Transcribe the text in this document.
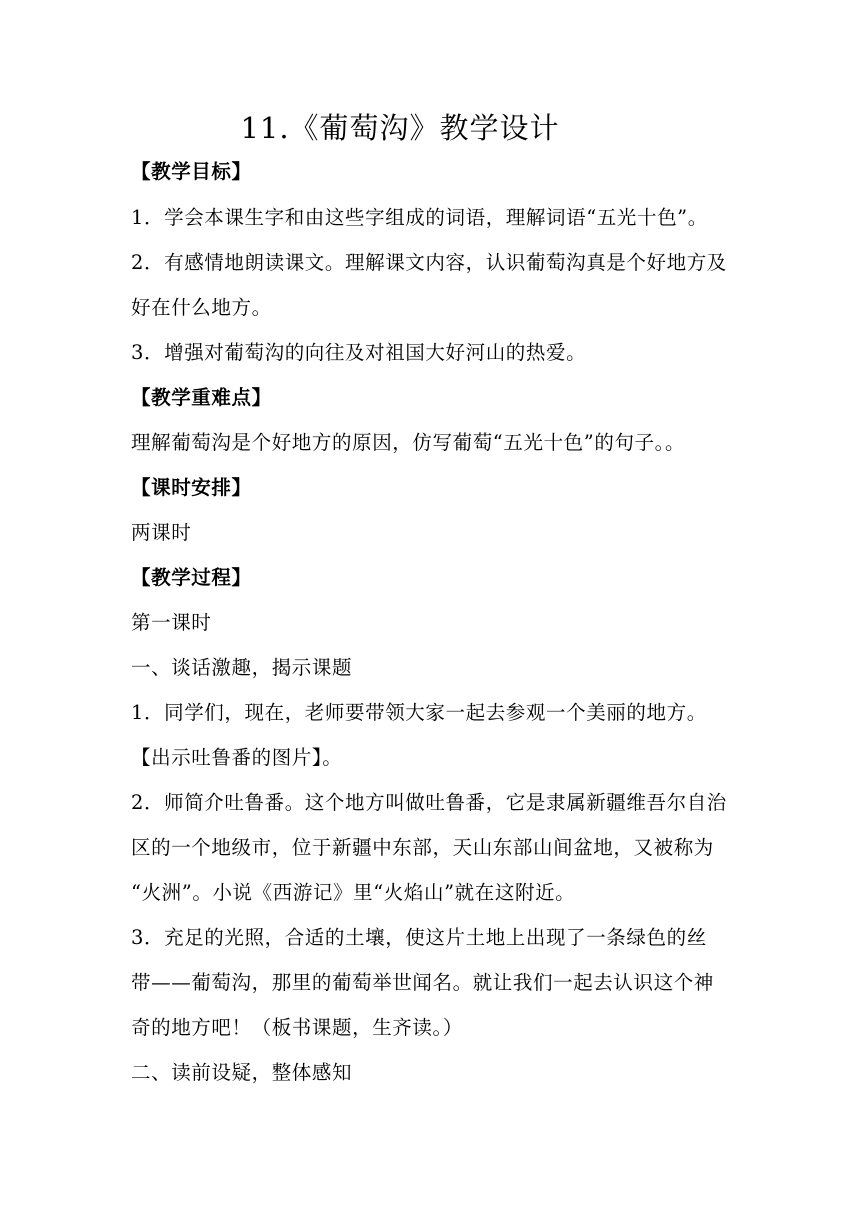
11.《葡萄沟》教学设计
【教学目标】
1．学会本课生字和由这些字组成的词语，理解词语“五光十色”。
2．有感情地朗读课文。理解课文内容，认识葡萄沟真是个好地方及
好在什么地方。
3．增强对葡萄沟的向往及对祖国大好河山的热爱。
【教学重难点】
理解葡萄沟是个好地方的原因，仿写葡萄“五光十色”的句子。。
【课时安排】
两课时
【教学过程】
第一课时
一、谈话激趣，揭示课题
1．同学们，现在，老师要带领大家一起去参观一个美丽的地方。
【出示吐鲁番的图片】。
2．师简介吐鲁番。这个地方叫做吐鲁番，它是隶属新疆维吾尔自治
区的一个地级市，位于新疆中东部，天山东部山间盆地，又被称为
“火洲”。小说《西游记》里“火焰山”就在这附近。
3．充足的光照，合适的土壤，使这片土地上出现了一条绿色的丝
带——葡萄沟，那里的葡萄举世闻名。就让我们一起去认识这个神
奇的地方吧！（板书课题，生齐读。）
二、读前设疑，整体感知
